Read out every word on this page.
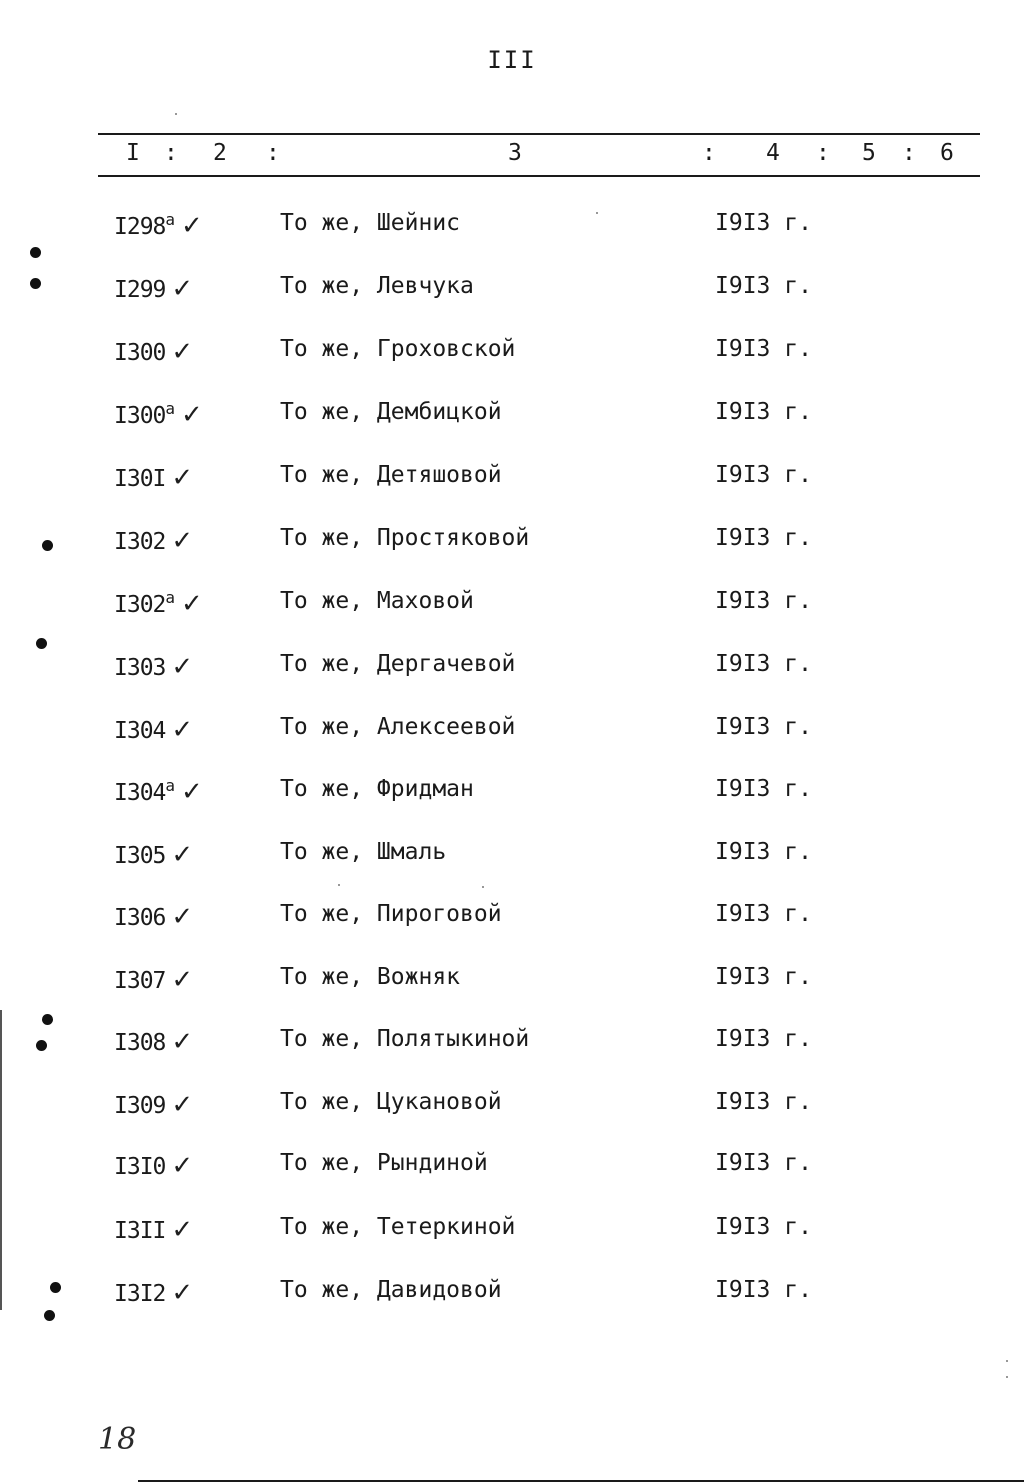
III
I : 2 :	3	: 4 : 5 : 6
$I298^а$ ✓	То же, Шейнис	I9I3 г.
I299 ✓	То же, Левчука	I9I3 г.
I300 ✓	То же, Гроховской	I9I3 г.
$I300^а$ ✓	То же, Дембицкой	I9I3 г.
I30I ✓	То же, Детяшовой	I9I3 г.
I302 ✓	То же, Простяковой	I9I3 г.
$I302^а$ ✓	То же, Маховой	I9I3 г.
I303 ✓	То же, Дергачевой	I9I3 г.
I304 ✓	То же, Алексеевой	I9I3 г.
$I304^а$ ✓	То же, Фридман	I9I3 г.
I305 ✓	То же, Шмаль	I9I3 г.
I306 ✓	То же, Пироговой	I9I3 г.
I307 ✓	То же, Вожняк	I9I3 г.
I308 ✓	То же, Полятыкиной	I9I3 г.
I309 ✓	То же, Цукановой	I9I3 г.
I3I0 ✓	То же, Рындиной	I9I3 г.
I3II ✓	То же, Тетеркиной	I9I3 г.
I3I2 ✓	То же, Давидовой	I9I3 г.
18
